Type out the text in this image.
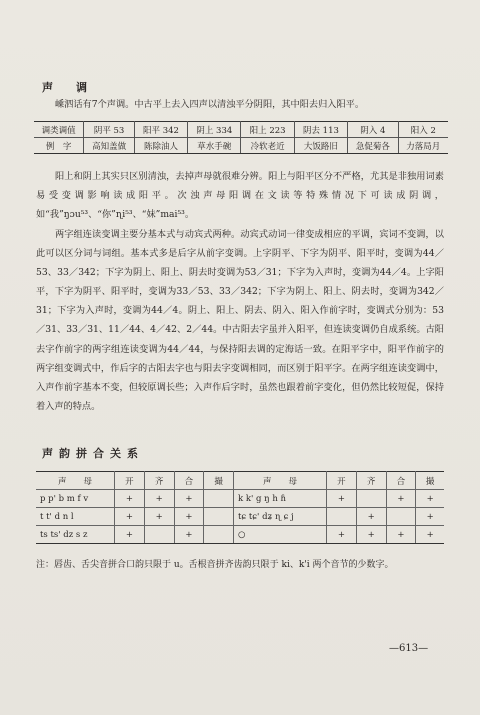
声　调

嵊泗话有7个声调。中古平上去入四声以清浊平分阴阳，其中阳去归入阳平。

调类调值	阴平 53	阳平 342	阴上 334	阳上 223	阴去 113	阴入 4	阳入 2
例　字	高知盖做	陈除油人	草水手碗	冷软老近	大饭路旧	急促菊各	力落局月

阳上和阴上其实只区别清浊，去掉声母就很难分辨。阳上与阳平区分不严格，尤其是非独用词素易受变调影响读成阳平。次浊声母阳调在文读等特殊情况下可读成阴调，如“我”ŋɔu⁵³、“你”ɳi⁵³、“妹”mai⁵³。

两字组连读变调主要分基本式与动宾式两种。动宾式动词一律变成相应的平调，宾词不变调，以此可以区分词与词组。基本式多是后字从前字变调。上字阴平、下字为阴平、阳平时，变调为44／53、33／342；下字为阴上、阳上、阴去时变调为53／31；下字为入声时，变调为44／4。上字阳平，下字为阴平、阳平时，变调为33／53、33／342；下字为阴上、阳上、阴去时，变调为342／31；下字为入声时，变调为44／4。阴上、阳上、阴去、阴入、阳入作前字时，变调式分别为：53／31、33／31、11／44、4／42、2／44。中古阳去字虽并入阳平，但连读变调仍自成系统。古阳去字作前字的两字组连读变调为44／44，与保持阳去调的定海话一致。在阳平字中，阳平作前字的两字组变调式中，作后字的古阳去字也与阳去字变调相同，而区别于阳平字。在两字组连读变调中，入声作前字基本不变，但较原调长些；入声作后字时，虽然也跟着前字变化，但仍然比较短促，保持着入声的特点。

声韵拼合关系
声　　母	开	齐	合	撮	声　　母	开	齐	合	撮
p p' b m f v	+	+	+		k k' g ŋ h ɦ	+		+	+
t t' d n l	+	+	+		tɕ tɕ' dʑ ɳ ɕ j		+		+
ts ts' dz s z	+		+		○	+	+	+	+

注：唇齿、舌尖音拼合口韵只限于 u。舌根音拼齐齿韵只限于 ki、k'i 两个音节的少数字。

—613—
